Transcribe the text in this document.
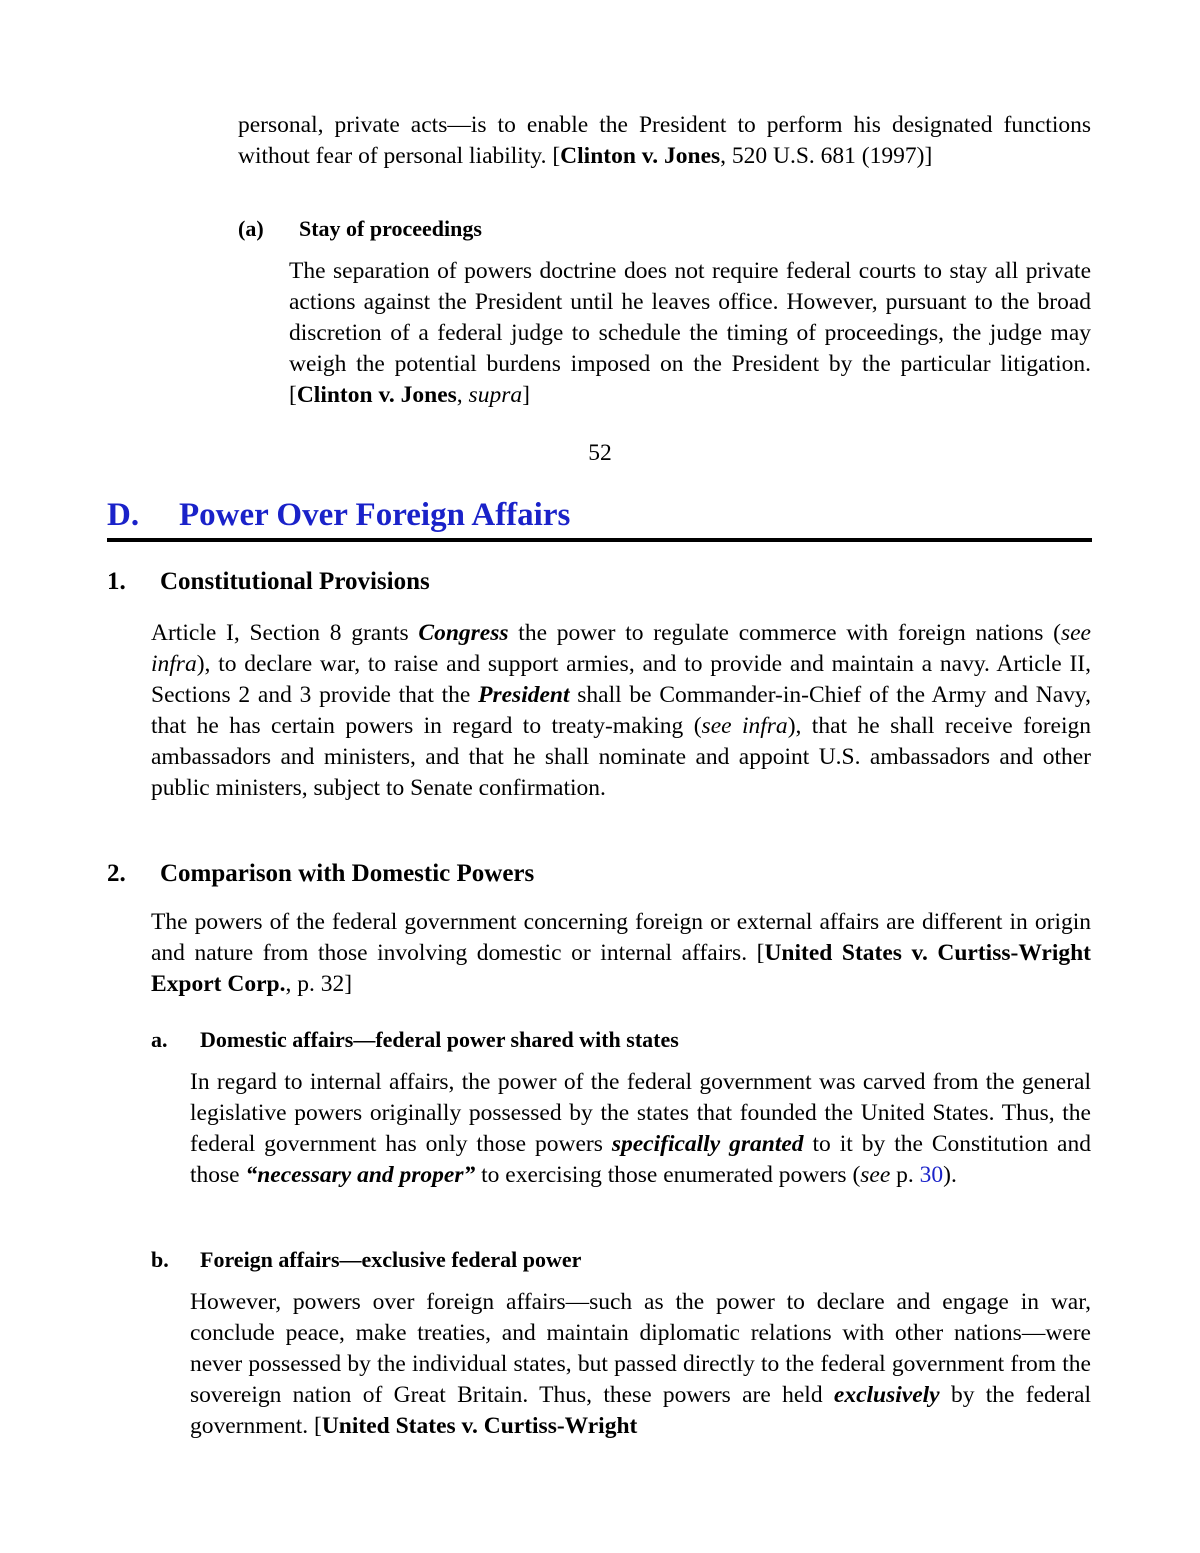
personal, private acts—is to enable the President to perform his designated functions without fear of personal liability. [Clinton v. Jones, 520 U.S. 681 (1997)]

(a) Stay of proceedings

The separation of powers doctrine does not require federal courts to stay all private actions against the President until he leaves office. However, pursuant to the broad discretion of a federal judge to schedule the timing of proceedings, the judge may weigh the potential burdens imposed on the President by the particular litigation. [Clinton v. Jones, supra]

52
D. Power Over Foreign Affairs
1. Constitutional Provisions

Article I, Section 8 grants Congress the power to regulate commerce with foreign nations (see infra), to declare war, to raise and support armies, and to provide and maintain a navy. Article II, Sections 2 and 3 provide that the President shall be Commander-in-Chief of the Army and Navy, that he has certain powers in regard to treaty-making (see infra), that he shall receive foreign ambassadors and ministers, and that he shall nominate and appoint U.S. ambassadors and other public ministers, subject to Senate confirmation.

2. Comparison with Domestic Powers

The powers of the federal government concerning foreign or external affairs are different in origin and nature from those involving domestic or internal affairs. [United States v. Curtiss-Wright Export Corp., p. 32]

a. Domestic affairs—federal power shared with states

In regard to internal affairs, the power of the federal government was carved from the general legislative powers originally possessed by the states that founded the United States. Thus, the federal government has only those powers specifically granted to it by the Constitution and those “necessary and proper” to exercising those enumerated powers (see p. 30).

b. Foreign affairs—exclusive federal power

However, powers over foreign affairs—such as the power to declare and engage in war, conclude peace, make treaties, and maintain diplomatic relations with other nations—were never possessed by the individual states, but passed directly to the federal government from the sovereign nation of Great Britain. Thus, these powers are held exclusively by the federal government. [United States v. Curtiss-Wright
